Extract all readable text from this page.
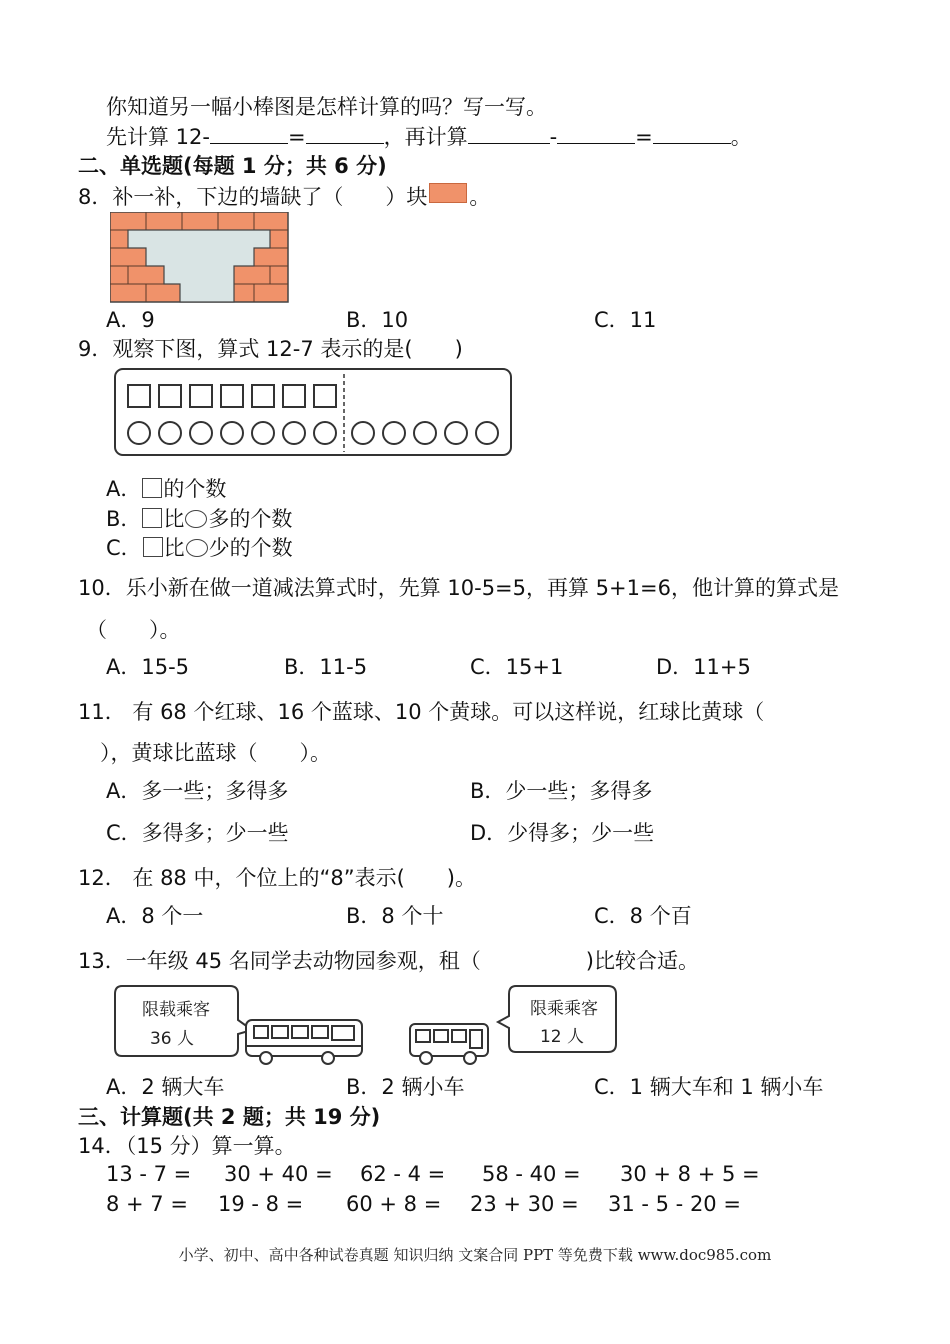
你知道另一幅小棒图是怎样计算的吗？写一写。
先计算 12-	=	，再计算	-	=	。
二、单选题(每题 1 分；共 6 分)
8．补一补，下边的墙缺了（　　）块 。
A．9	B．10	C．11
9．观察下图，算式 12-7 表示的是(　　)
A． 的个数
B． 比 多的个数
C． 比 少的个数
10．乐小新在做一道减法算式时，先算 10-5=5，再算 5+1=6，他计算的算式是
（　　）。
A．15-5	B．11-5	C．15+1	D．11+5
11． 有 68 个红球、16 个蓝球、10 个黄球。可以这样说，红球比黄球（
），黄球比蓝球（　　）。
A．多一些；多得多	B．少一些；多得多
C．多得多；少一些	D．少得多；少一些
12． 在 88 中，个位上的“8”表示(　　)。
A．8 个一	B．8 个十	C．8 个百
13．一年级 45 名同学去动物园参观，租（　　　　　)比较合适。
限载乘客
36 人
限乘乘客
12 人
A．2 辆大车	B．2 辆小车	C．1 辆大车和 1 辆小车
三、计算题(共 2 题；共 19 分)
14．（15 分）算一算。
13 - 7 = 30 + 40 = 62 - 4 = 58 - 40 = 30 + 8 + 5 =
8 + 7 = 19 - 8 = 60 + 8 = 23 + 30 = 31 - 5 - 20 =
小学、初中、高中各种试卷真题 知识归纳 文案合同 PPT 等免费下载 www.doc985.com
